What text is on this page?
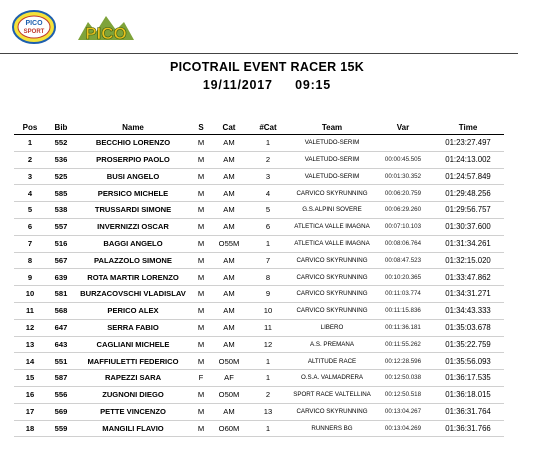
PICO
SPORT PICO
PICOTRAIL EVENT RACER 15K
19/11/2017 09:15
Pos	Bib	Name	S	Cat	#Cat	Team	Var	Time
1	552	BECCHIO LORENZO	M	AM	1	VALETUDO-SERIM		01:23:27.497
2	536	PROSERPIO PAOLO	M	AM	2	VALETUDO-SERIM	00:00:45.505	01:24:13.002
3	525	BUSI ANGELO	M	AM	3	VALETUDO-SERIM	00:01:30.352	01:24:57.849
4	585	PERSICO MICHELE	M	AM	4	CARVICO SKYRUNNING	00:06:20.759	01:29:48.256
5	538	TRUSSARDI SIMONE	M	AM	5	G.S.ALPINI SOVERE	00:06:29.260	01:29:56.757
6	557	INVERNIZZI OSCAR	M	AM	6	ATLETICA VALLE IMAGNA	00:07:10.103	01:30:37.600
7	516	BAGGI ANGELO	M	O55M	1	ATLETICA VALLE IMAGNA	00:08:06.764	01:31:34.261
8	567	PALAZZOLO SIMONE	M	AM	7	CARVICO SKYRUNNING	00:08:47.523	01:32:15.020
9	639	ROTA MARTIR LORENZO	M	AM	8	CARVICO SKYRUNNING	00:10:20.365	01:33:47.862
10	581	BURZACOVSCHI VLADISLAV	M	AM	9	CARVICO SKYRUNNING	00:11:03.774	01:34:31.271
11	568	PERICO ALEX	M	AM	10	CARVICO SKYRUNNING	00:11:15.836	01:34:43.333
12	647	SERRA FABIO	M	AM	11	LIBERO	00:11:36.181	01:35:03.678
13	643	CAGLIANI MICHELE	M	AM	12	A.S. PREMANA	00:11:55.262	01:35:22.759
14	551	MAFFIULETTI FEDERICO	M	O50M	1	ALTITUDE RACE	00:12:28.596	01:35:56.093
15	587	RAPEZZI SARA	F	AF	1	O.S.A. VALMADRERA	00:12:50.038	01:36:17.535
16	556	ZUGNONI DIEGO	M	O50M	2	SPORT RACE VALTELLINA	00:12:50.518	01:36:18.015
17	569	PETTE VINCENZO	M	AM	13	CARVICO SKYRUNNING	00:13:04.267	01:36:31.764
18	559	MANGILI FLAVIO	M	O60M	1	RUNNERS BG	00:13:04.269	01:36:31.766
